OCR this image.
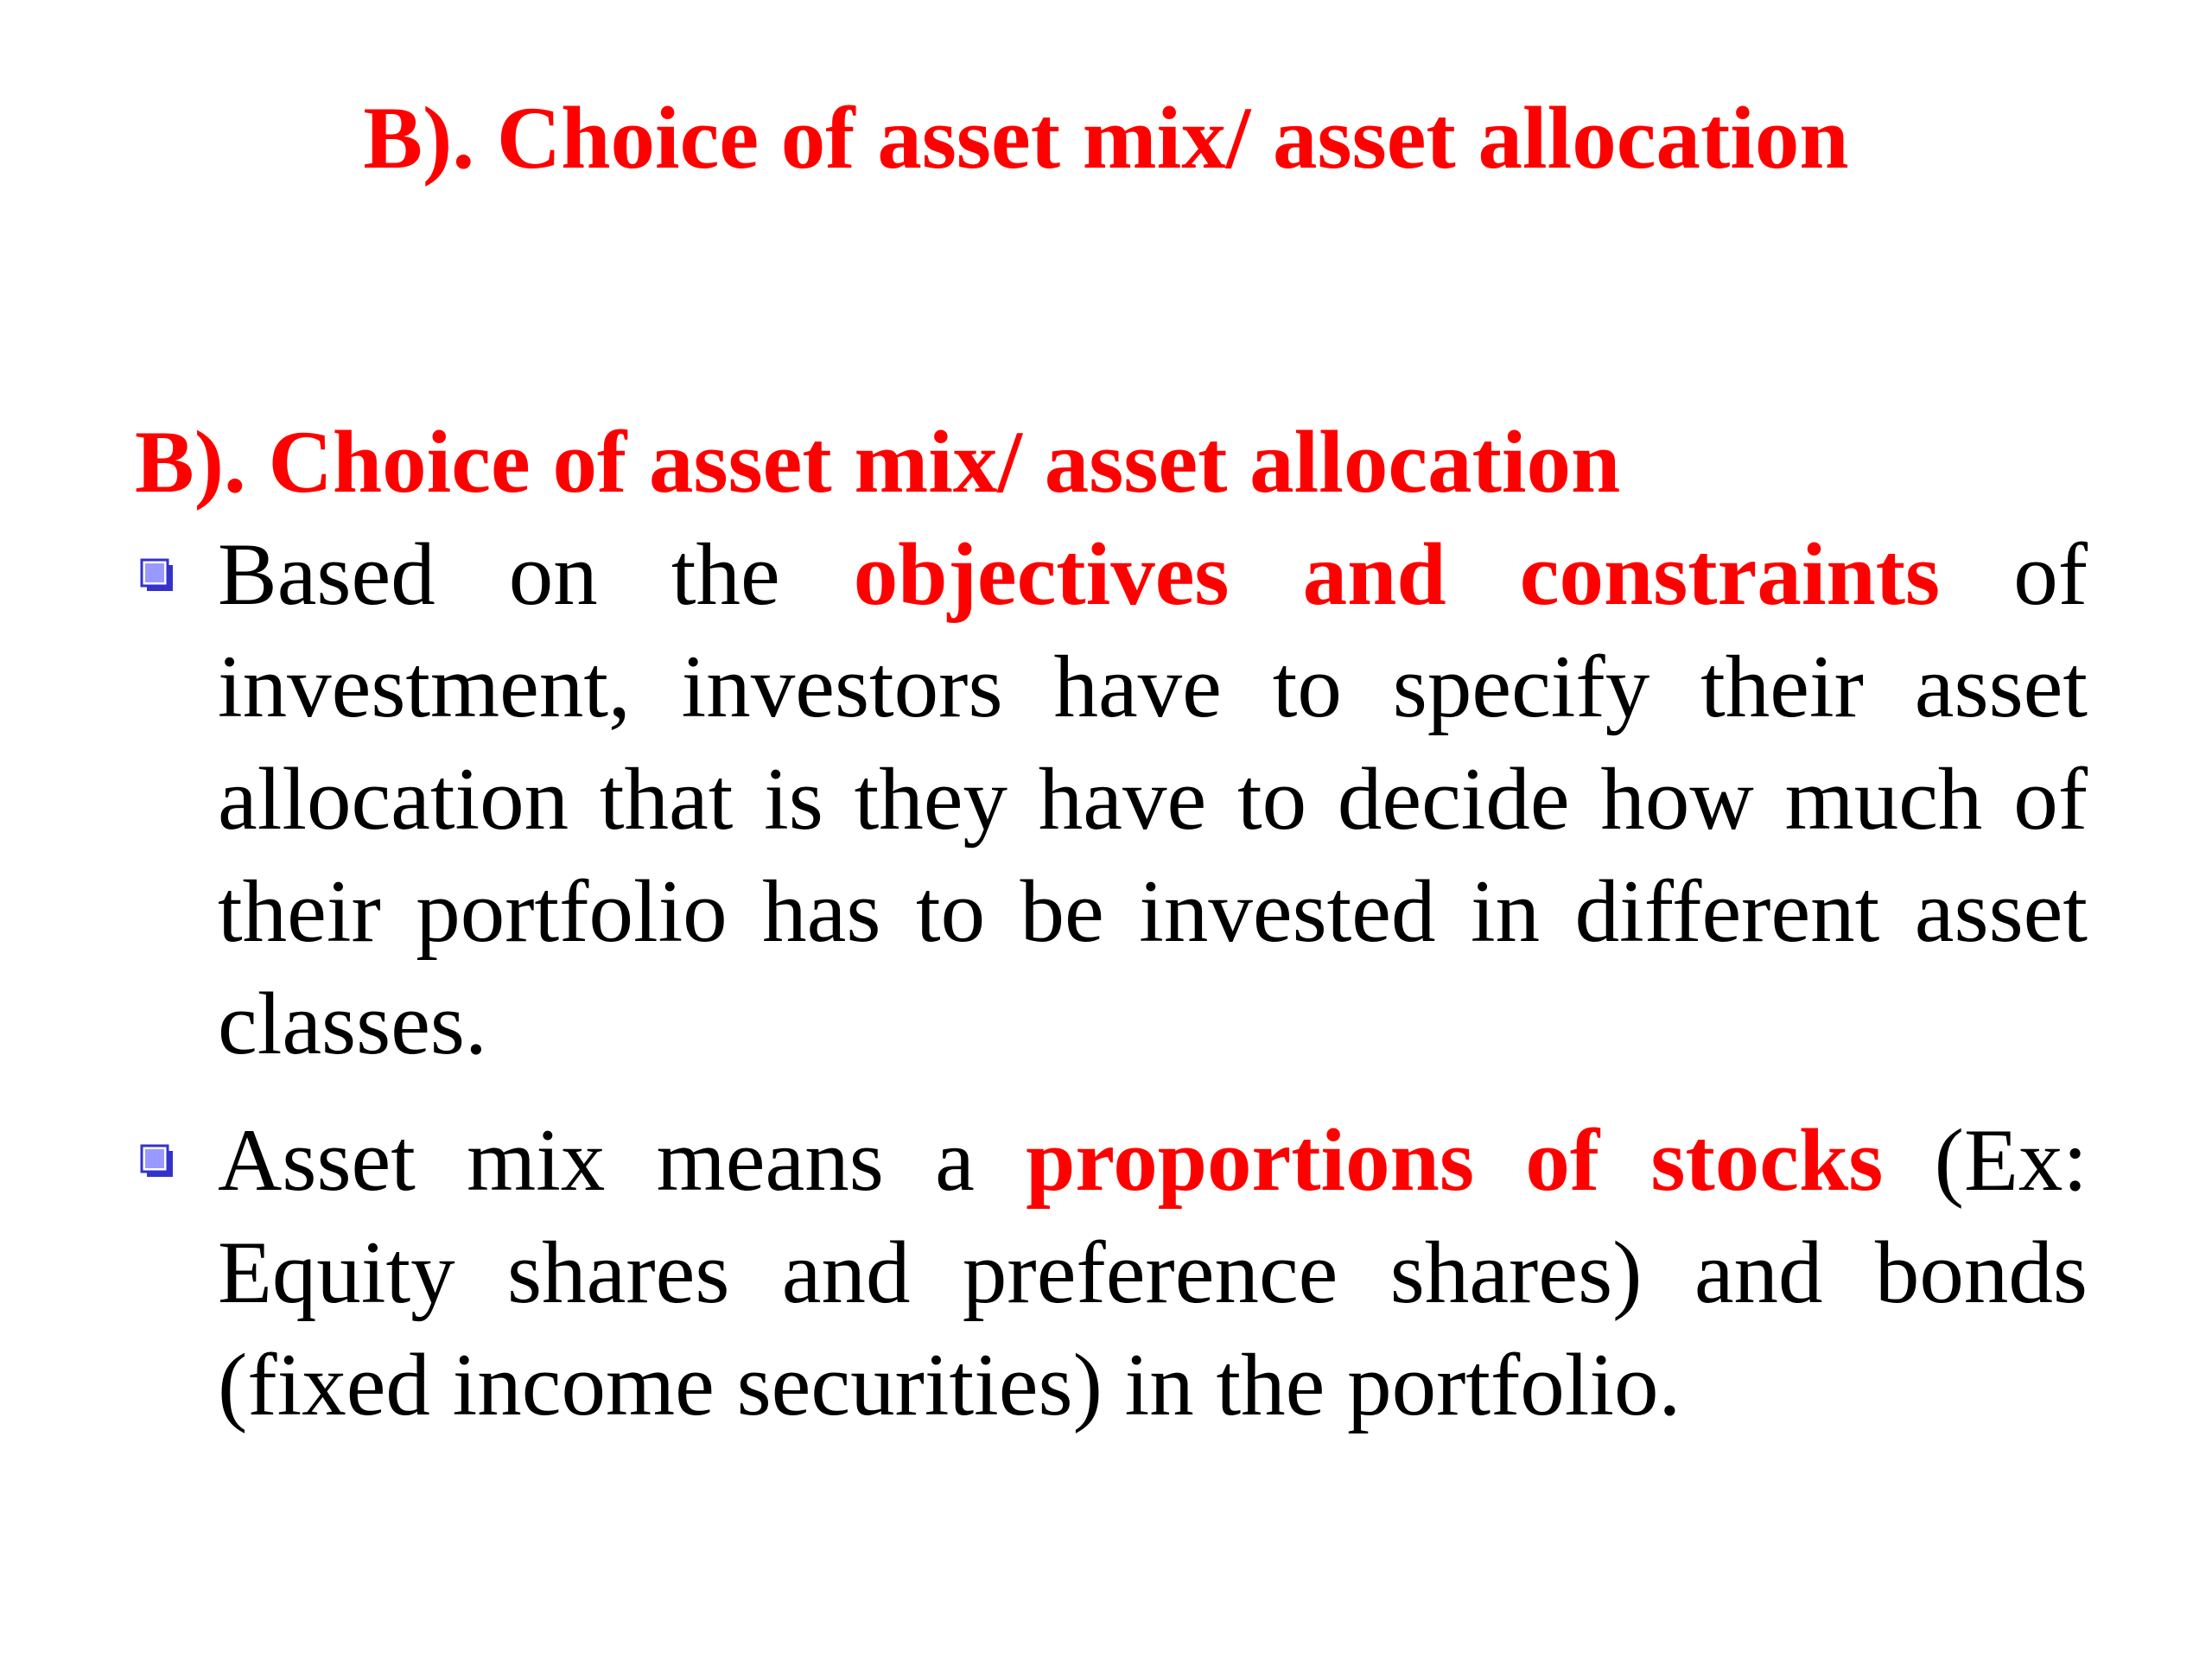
B). Choice of asset mix/ asset allocation
B). Choice of asset mix/ asset allocation

Based on the objectives and constraints of investment, investors have to specify their asset allocation that is they have to decide how much of their portfolio has to be invested in different asset classes.

Asset mix means a proportions of stocks (Ex: Equity shares and preference shares) and bonds (fixed income securities) in the portfolio.
